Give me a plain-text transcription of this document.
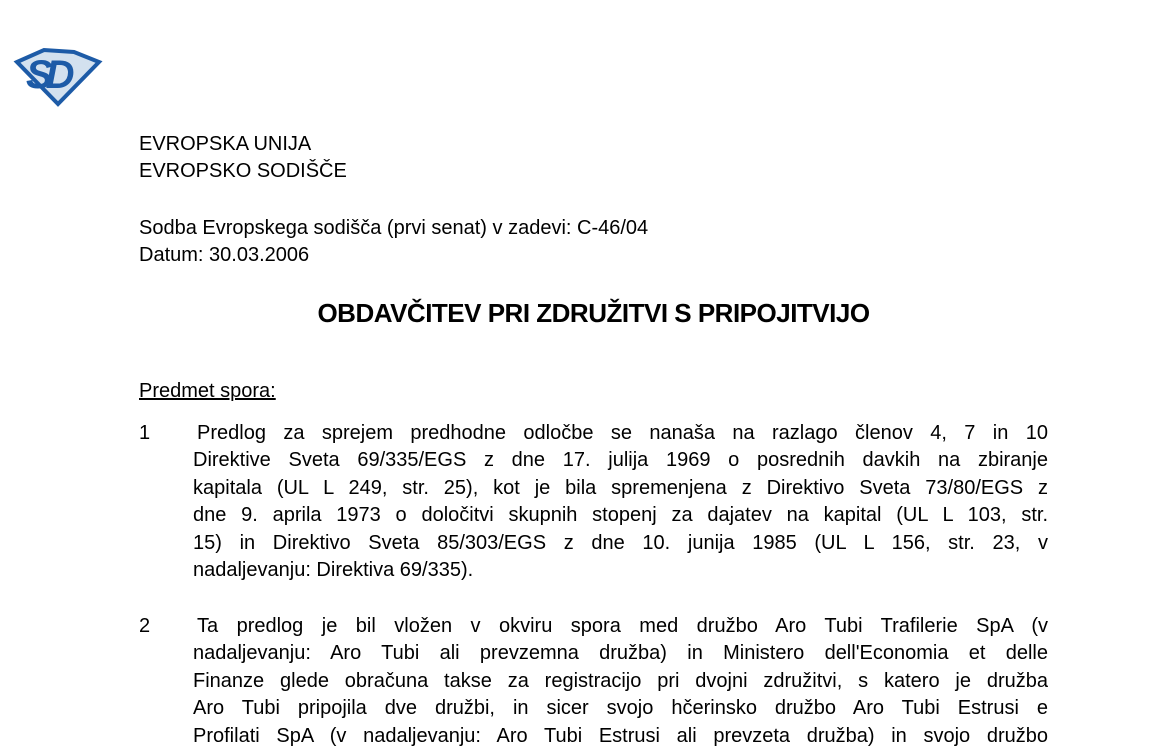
SD
EVROPSKA UNIJA
EVROPSKO SODIŠČE
Sodba Evropskega sodišča (prvi senat) v zadevi: C-46/04
Datum: 30.03.2006
OBDAVČITEV PRI ZDRUŽITVI S PRIPOJITVIJO
Predmet spora:
1 Predlog za sprejem predhodne odločbe se nanaša na razlago členov 4, 7 in 10
Direktive Sveta 69/335/EGS z dne 17. julija 1969 o posrednih davkih na zbiranje
kapitala (UL L 249, str. 25), kot je bila spremenjena z Direktivo Sveta 73/80/EGS z
dne 9. aprila 1973 o določitvi skupnih stopenj za dajatev na kapital (UL L 103, str.
15) in Direktivo Sveta 85/303/EGS z dne 10. junija 1985 (UL L 156, str. 23, v
nadaljevanju: Direktiva 69/335).
2 Ta predlog je bil vložen v okviru spora med družbo Aro Tubi Trafilerie SpA (v
nadaljevanju: Aro Tubi ali prevzemna družba) in Ministero dell'Economia et delle
Finanze glede obračuna takse za registracijo pri dvojni združitvi, s katero je družba
Aro Tubi pripojila dve družbi, in sicer svojo hčerinsko družbo Aro Tubi Estrusi e
Profilati SpA (v nadaljevanju: Aro Tubi Estrusi ali prevzeta družba) in svojo družbo
